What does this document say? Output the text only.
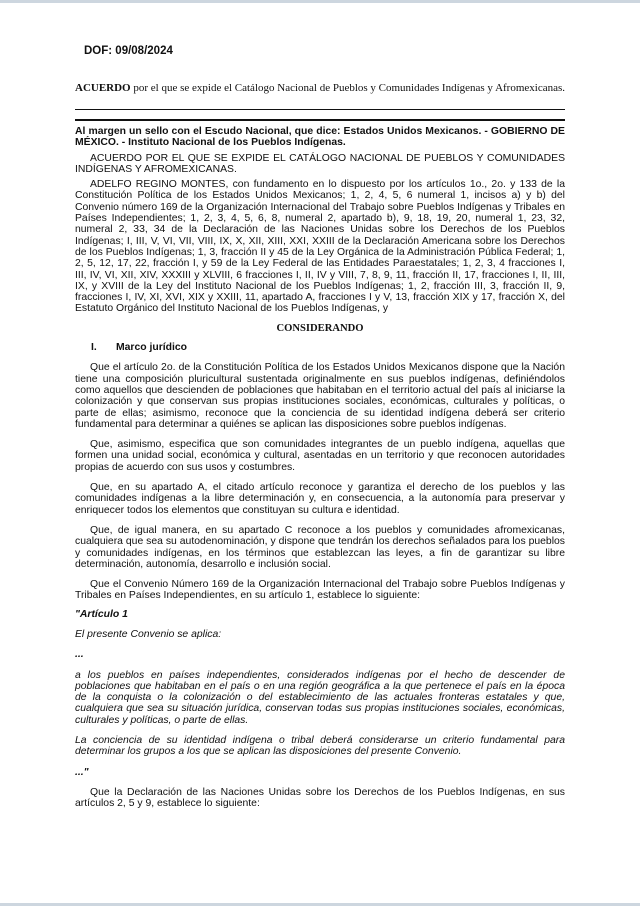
DOF: 09/08/2024
ACUERDO por el que se expide el Catálogo Nacional de Pueblos y Comunidades Indígenas y Afromexicanas.

Al margen un sello con el Escudo Nacional, que dice: Estados Unidos Mexicanos. - GOBIERNO DE MÉXICO. - Instituto Nacional de los Pueblos Indígenas.

ACUERDO POR EL QUE SE EXPIDE EL CATÁLOGO NACIONAL DE PUEBLOS Y COMUNIDADES INDÍGENAS Y AFROMEXICANAS.

ADELFO REGINO MONTES, con fundamento en lo dispuesto por los artículos 1o., 2o. y 133 de la Constitución Política de los Estados Unidos Mexicanos; 1, 2, 4, 5, 6 numeral 1, incisos a) y b) del Convenio número 169 de la Organización Internacional del Trabajo sobre Pueblos Indígenas y Tribales en Países Independientes; 1, 2, 3, 4, 5, 6, 8, numeral 2, apartado b), 9, 18, 19, 20, numeral 1, 23, 32, numeral 2, 33, 34 de la Declaración de las Naciones Unidas sobre los Derechos de los Pueblos Indígenas; I, III, V, VI, VII, VIII, IX, X, XII, XIII, XXI, XXIII de la Declaración Americana sobre los Derechos de los Pueblos Indígenas; 1, 3, fracción II y 45 de la Ley Orgánica de la Administración Pública Federal; 1, 2, 5, 12, 17, 22, fracción I, y 59 de la Ley Federal de las Entidades Paraestatales; 1, 2, 3, 4 fracciones I, III, IV, VI, XII, XIV, XXXIII y XLVIII, 6 fracciones I, II, IV y VIII, 7, 8, 9, 11, fracción II, 17, fracciones I, II, III, IX, y XVIII de la Ley del Instituto Nacional de los Pueblos Indígenas; 1, 2, fracción III, 3, fracción II, 9, fracciones I, IV, XI, XVI, XIX y XXIII, 11, apartado A, fracciones I y V, 13, fracción XIX y 17, fracción X, del Estatuto Orgánico del Instituto Nacional de los Pueblos Indígenas, y

CONSIDERANDO

I. Marco jurídico

Que el artículo 2o. de la Constitución Política de los Estados Unidos Mexicanos dispone que la Nación tiene una composición pluricultural sustentada originalmente en sus pueblos indígenas, definiéndolos como aquellos que descienden de poblaciones que habitaban en el territorio actual del país al iniciarse la colonización y que conservan sus propias instituciones sociales, económicas, culturales y políticas, o parte de ellas; asimismo, reconoce que la conciencia de su identidad indígena deberá ser criterio fundamental para determinar a quiénes se aplican las disposiciones sobre pueblos indígenas.

Que, asimismo, especifica que son comunidades integrantes de un pueblo indígena, aquellas que formen una unidad social, económica y cultural, asentadas en un territorio y que reconocen autoridades propias de acuerdo con sus usos y costumbres.

Que, en su apartado A, el citado artículo reconoce y garantiza el derecho de los pueblos y las comunidades indígenas a la libre determinación y, en consecuencia, a la autonomía para preservar y enriquecer todos los elementos que constituyan su cultura e identidad.

Que, de igual manera, en su apartado C reconoce a los pueblos y comunidades afromexicanas, cualquiera que sea su autodenominación, y dispone que tendrán los derechos señalados para los pueblos y comunidades indígenas, en los términos que establezcan las leyes, a fin de garantizar su libre determinación, autonomía, desarrollo e inclusión social.

Que el Convenio Número 169 de la Organización Internacional del Trabajo sobre Pueblos Indígenas y Tribales en Países Independientes, en su artículo 1, establece lo siguiente:

"Artículo 1

El presente Convenio se aplica:

...

a los pueblos en países independientes, considerados indígenas por el hecho de descender de poblaciones que habitaban en el país o en una región geográfica a la que pertenece el país en la época de la conquista o la colonización o del establecimiento de las actuales fronteras estatales y que, cualquiera que sea su situación jurídica, conservan todas sus propias instituciones sociales, económicas, culturales y políticas, o parte de ellas.

La conciencia de su identidad indígena o tribal deberá considerarse un criterio fundamental para determinar los grupos a los que se aplican las disposiciones del presente Convenio.

..."

Que la Declaración de las Naciones Unidas sobre los Derechos de los Pueblos Indígenas, en sus artículos 2, 5 y 9, establece lo siguiente:
